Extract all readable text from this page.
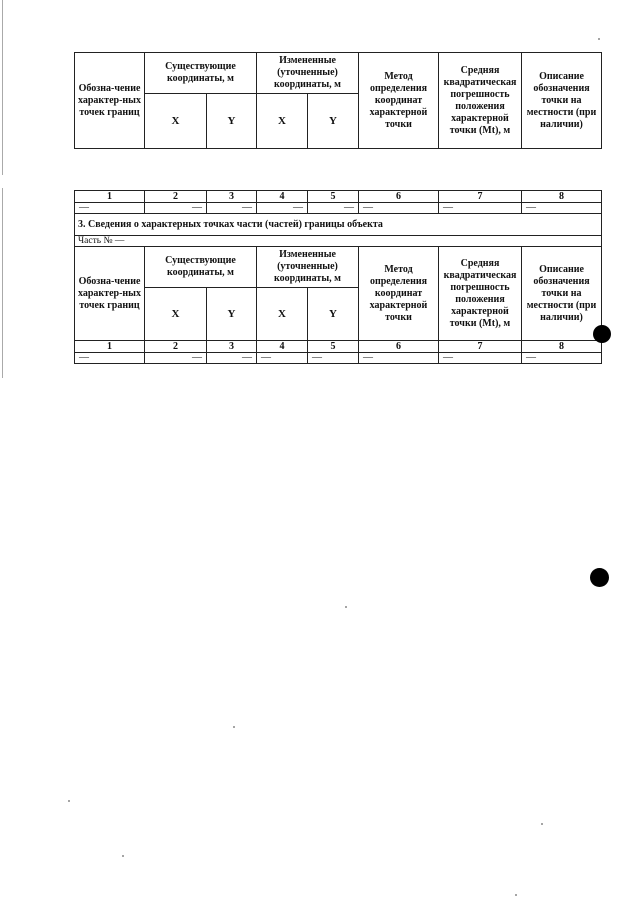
Обозна-чение характер-ных точек границ	Существующие координаты, м		Измененные (уточненные) координаты, м		Метод определения координат характерной точки	Средняя квадратическая погрешность положения характерной точки (Mt), м	Описание обозначения точки на местности (при наличии)
	X	Y	X	Y			
1	2	3	4	5	6	7	8
—	—	—	—	—	—	—	—
3. Сведения о характерных точках части (частей) границы объекта							
Часть № —							
Обозна-чение характер-ных точек границ	Существующие координаты, м		Измененные (уточненные) координаты, м		Метод определения координат характерной точки	Средняя квадратическая погрешность положения характерной точки (Mt), м	Описание обозначения точки на местности (при наличии)
	X	Y	X	Y			
1	2	3	4	5	6	7	8
—	—	—	—	—	—	—	—
